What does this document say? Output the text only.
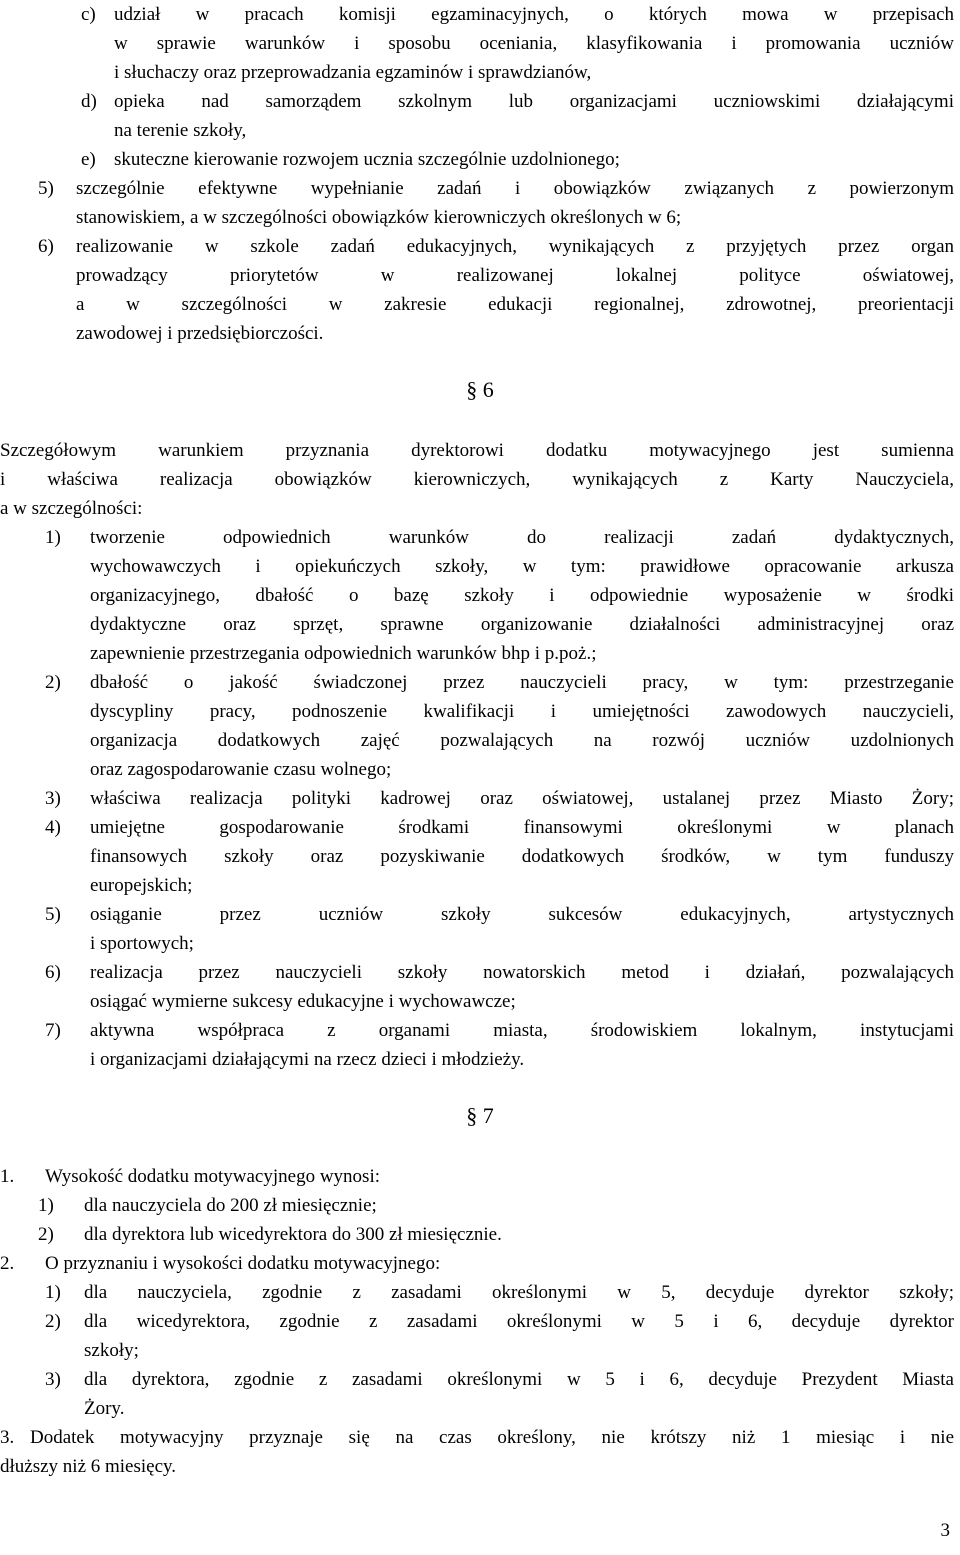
c) udział w pracach komisji egzaminacyjnych, o których mowa w przepisach
w sprawie warunków i sposobu oceniania, klasyfikowania i promowania uczniów
i słuchaczy oraz przeprowadzania egzaminów i sprawdzianów,
d) opieka nad samorządem szkolnym lub organizacjami uczniowskimi działającymi
na terenie szkoły,
e) skuteczne kierowanie rozwojem ucznia szczególnie uzdolnionego;
5) szczególnie efektywne wypełnianie zadań i obowiązków związanych z powierzonym
stanowiskiem, a w szczególności obowiązków kierowniczych określonych w 6;
6) realizowanie w szkole zadań edukacyjnych, wynikających z przyjętych przez organ
prowadzący priorytetów w realizowanej lokalnej polityce oświatowej,
a w szczególności w zakresie edukacji regionalnej, zdrowotnej, preorientacji
zawodowej i przedsiębiorczości.
§ 6
Szczegółowym warunkiem przyznania dyrektorowi dodatku motywacyjnego jest sumienna
i właściwa realizacja obowiązków kierowniczych, wynikających z Karty Nauczyciela,
a w szczególności:
1) tworzenie odpowiednich warunków do realizacji zadań dydaktycznych,
wychowawczych i opiekuńczych szkoły, w tym: prawidłowe opracowanie arkusza
organizacyjnego, dbałość o bazę szkoły i odpowiednie wyposażenie w środki
dydaktyczne oraz sprzęt, sprawne organizowanie działalności administracyjnej oraz
zapewnienie przestrzegania odpowiednich warunków bhp i p.poż.;
2) dbałość o jakość świadczonej przez nauczycieli pracy, w tym: przestrzeganie
dyscypliny pracy, podnoszenie kwalifikacji i umiejętności zawodowych nauczycieli,
organizacja dodatkowych zajęć pozwalających na rozwój uczniów uzdolnionych
oraz zagospodarowanie czasu wolnego;
3) właściwa realizacja polityki kadrowej oraz oświatowej, ustalanej przez Miasto Żory;
4) umiejętne gospodarowanie środkami finansowymi określonymi w planach
finansowych szkoły oraz pozyskiwanie dodatkowych środków, w tym funduszy
europejskich;
5) osiąganie przez uczniów szkoły sukcesów edukacyjnych, artystycznych
i sportowych;
6) realizacja przez nauczycieli szkoły nowatorskich metod i działań, pozwalających
osiągać wymierne sukcesy edukacyjne i wychowawcze;
7) aktywna współpraca z organami miasta, środowiskiem lokalnym, instytucjami
i organizacjami działającymi na rzecz dzieci i młodzieży.
§ 7
1. Wysokość dodatku motywacyjnego wynosi:
1) dla nauczyciela do 200 zł miesięcznie;
2) dla dyrektora lub wicedyrektora do 300 zł miesięcznie.
2. O przyznaniu i wysokości dodatku motywacyjnego:
1) dla nauczyciela, zgodnie z zasadami określonymi w 5, decyduje dyrektor szkoły;
2) dla wicedyrektora, zgodnie z zasadami określonymi w 5 i 6, decyduje dyrektor
szkoły;
3) dla dyrektora, zgodnie z zasadami określonymi w 5 i 6, decyduje Prezydent Miasta
Żory.
3. Dodatek motywacyjny przyznaje się na czas określony, nie krótszy niż 1 miesiąc i nie
dłuższy niż 6 miesięcy.
3
